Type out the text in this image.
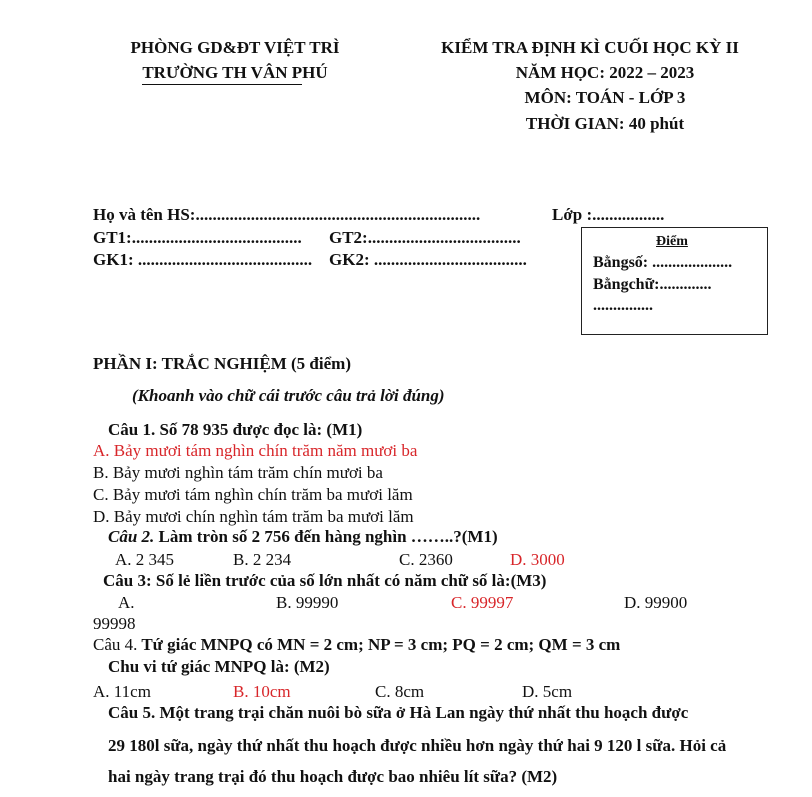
PHÒNG GD&ĐT VIỆT TRÌ
TRƯỜNG TH VÂN PHÚ
KIỂM TRA ĐỊNH KÌ CUỐI HỌC KỲ II
NĂM HỌC: 2022 – 2023
MÔN: TOÁN - LỚP 3
THỜI GIAN: 40 phút
Họ và tên HS:...................................................................	Lớp :.................
GT1:........................................ GT2:....................................
GK1: ......................................... GK2: ....................................
Điểm
Bằngsố: ....................
Bằngchữ:.............
...............
PHẦN I: TRẮC NGHIỆM (5 điểm)
(Khoanh vào chữ cái trước câu trả lời đúng)
Câu 1. Số 78 935 được đọc là: (M1)
A. Bảy mươi tám nghìn chín trăm năm mươi ba
B. Bảy mươi nghìn tám trăm chín mươi ba
C. Bảy mươi tám nghìn chín trăm ba mươi lăm
D. Bảy mươi chín nghìn tám trăm ba mươi lăm
Câu 2. Làm tròn số 2 756 đến hàng nghìn ……..?(M1)
A. 2 345	B. 2 234	C. 2360	D. 3000
Câu 3: Số lẻ liền trước của số lớn nhất có năm chữ số là:(M3)
A.
99998
B. 99990	C. 99997	D. 99900
Câu 4. Tứ giác MNPQ có MN = 2 cm; NP = 3 cm; PQ = 2 cm; QM = 3 cm
Chu vi tứ giác MNPQ là: (M2)
A. 11cm	B. 10cm	C. 8cm	D. 5cm
Câu 5. Một trang trại chăn nuôi bò sữa ở Hà Lan ngày thứ nhất thu hoạch được
29 180l sữa, ngày thứ nhất thu hoạch được nhiều hơn ngày thứ hai 9 120 l sữa. Hỏi cả
hai ngày trang trại đó thu hoạch được bao nhiêu lít sữa? (M2)
